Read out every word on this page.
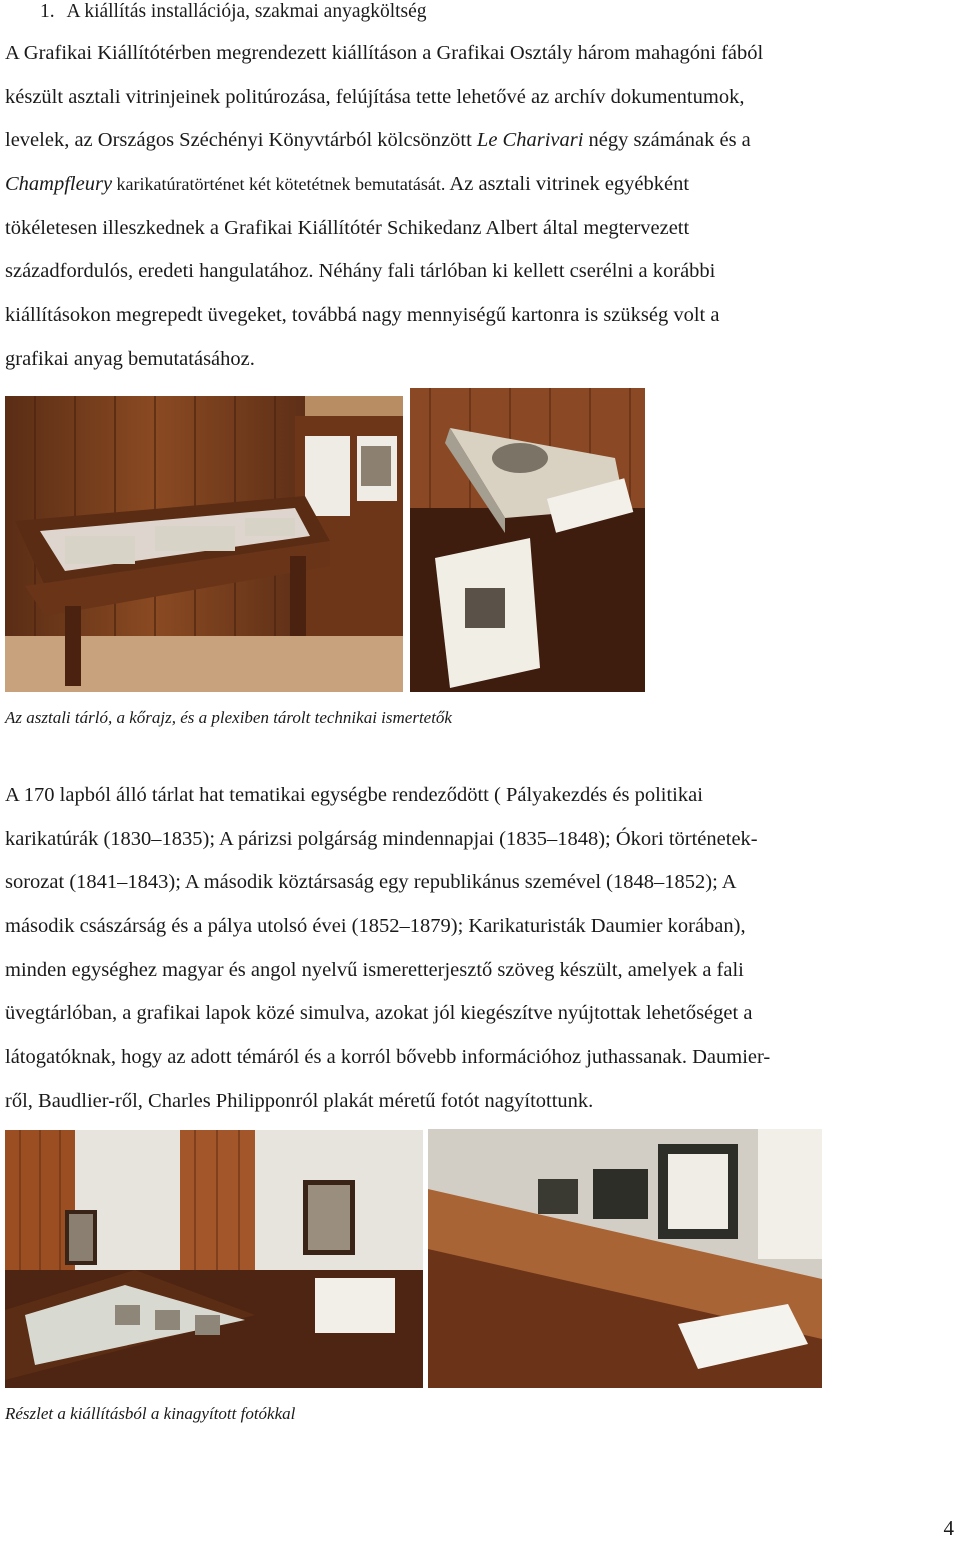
1. A kiállítás installációja, szakmai anyagköltség
A Grafikai Kiállítótérben megrendezett kiállításon a Grafikai Osztály három mahagóni fából
készült asztali vitrinjeinek politúrozása, felújítása tette lehetővé az archív dokumentumok,
levelek, az Országos Széchényi Könyvtárból kölcsönzött Le Charivari négy számának és a
Champfleury karikatúratörténet két kötetétnek bemutatását. Az asztali vitrinek egyébként
tökéletesen illeszkednek a Grafikai Kiállítótér Schikedanz Albert által megtervezett
századfordulós, eredeti hangulatához. Néhány fali tárlóban ki kellett cserélni a korábbi
kiállításokon megrepedt üvegeket, továbbá nagy mennyiségű kartonra is szükség volt a
grafikai anyag bemutatásához.
Az asztali tárló, a kőrajz, és a plexiben tárolt technikai ismertetők
A 170 lapból álló tárlat hat tematikai egységbe rendeződött ( Pályakezdés és politikai
karikatúrák (1830–1835); A párizsi polgárság mindennapjai (1835–1848); Ókori történetek-
sorozat (1841–1843); A második köztársaság egy republikánus szemével (1848–1852); A
második császárság és a pálya utolsó évei (1852–1879); Karikaturisták Daumier korában),
minden egységhez magyar és angol nyelvű ismeretterjesztő szöveg készült, amelyek a fali
üvegtárlóban, a grafikai lapok közé simulva, azokat jól kiegészítve nyújtottak lehetőséget a
látogatóknak, hogy az adott témáról és a korról bővebb információhoz juthassanak. Daumier-
ről, Baudlier-ről, Charles Philipponról plakát méretű fotót nagyítottunk.
Részlet a kiállításból a kinagyított fotókkal
4
